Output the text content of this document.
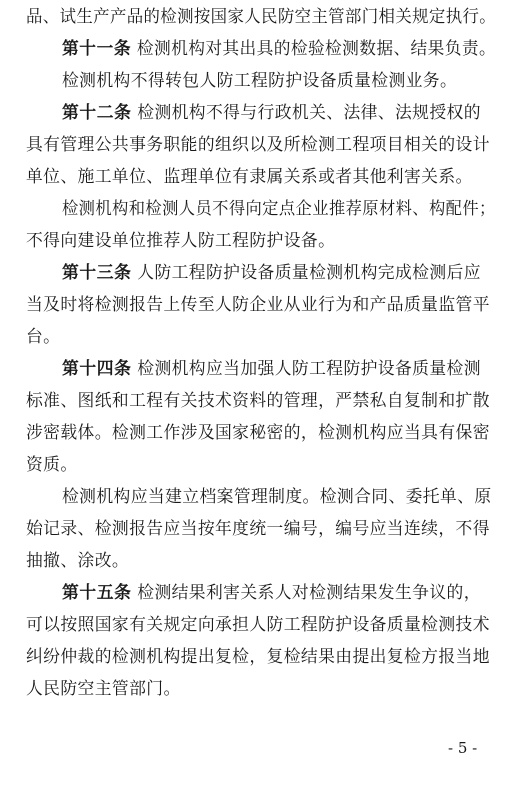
品、试生产产品的检测按国家人民防空主管部门相关规定执行。
第十一条 检测机构对其出具的检验检测数据、结果负责。
检测机构不得转包人防工程防护设备质量检测业务。
第十二条 检测机构不得与行政机关、法律、法规授权的
具有管理公共事务职能的组织以及所检测工程项目相关的设计
单位、施工单位、监理单位有隶属关系或者其他利害关系。
检测机构和检测人员不得向定点企业推荐原材料、构配件；
不得向建设单位推荐人防工程防护设备。
第十三条 人防工程防护设备质量检测机构完成检测后应
当及时将检测报告上传至人防企业从业行为和产品质量监管平
台。
第十四条 检测机构应当加强人防工程防护设备质量检测
标准、图纸和工程有关技术资料的管理，严禁私自复制和扩散
涉密载体。检测工作涉及国家秘密的，检测机构应当具有保密
资质。
检测机构应当建立档案管理制度。检测合同、委托单、原
始记录、检测报告应当按年度统一编号，编号应当连续，不得
抽撤、涂改。
第十五条 检测结果利害关系人对检测结果发生争议的，
可以按照国家有关规定向承担人防工程防护设备质量检测技术
纠纷仲裁的检测机构提出复检，复检结果由提出复检方报当地
人民防空主管部门。
- 5 -
